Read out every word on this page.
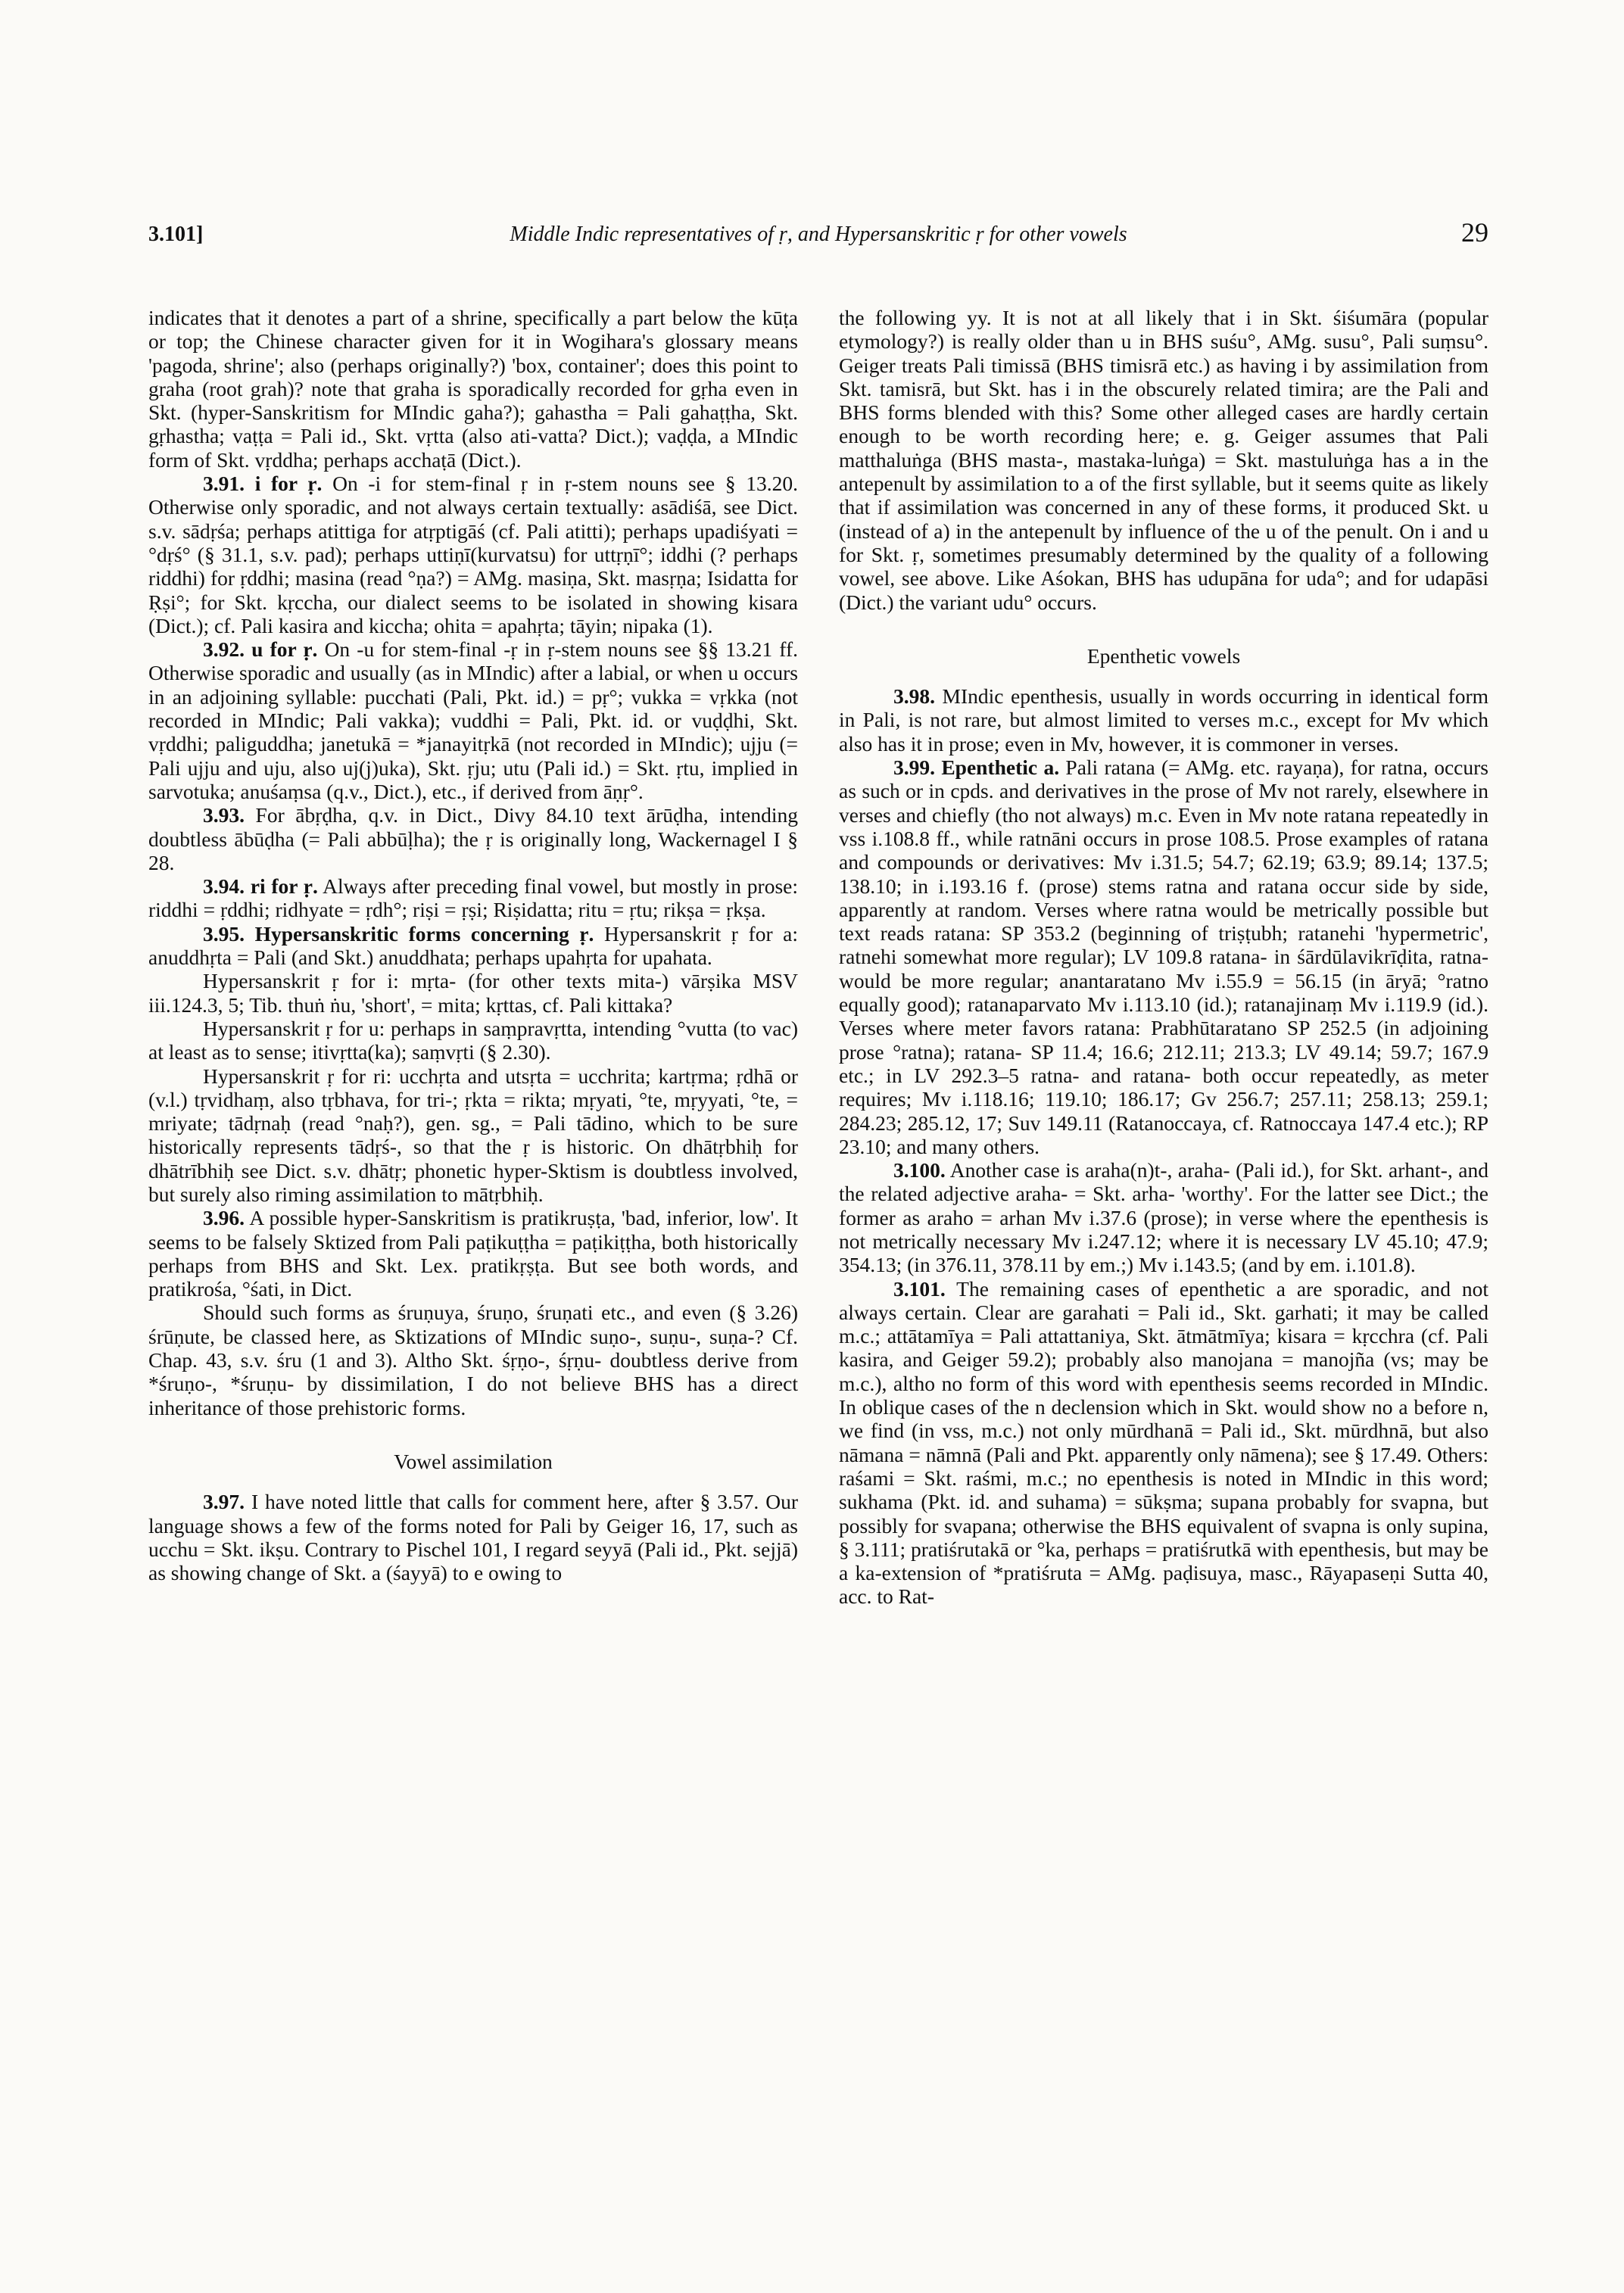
3.101]	Middle Indic representatives of ṛ, and Hypersanskritic ṛ for other vowels	29

indicates that it denotes a part of a shrine, specifically a part below the kūṭa or top; the Chinese character given for it in Wogihara's glossary means 'pagoda, shrine'; also (perhaps originally?) 'box, container'; does this point to graha (root grah)? note that graha is sporadically recorded for gṛha even in Skt. (hyper-Sanskritism for MIndic gaha?); gahastha = Pali gahaṭṭha, Skt. gṛhastha; vaṭṭa = Pali id., Skt. vṛtta (also ati-vatta? Dict.); vaḍḍa, a MIndic form of Skt. vṛddha; perhaps acchaṭā (Dict.).

3.91. i for ṛ. On -i for stem-final ṛ in ṛ-stem nouns see § 13.20. Otherwise only sporadic, and not always certain textually: asādiśā, see Dict. s.v. sādṛśa; perhaps atittiga for atṛptigāś (cf. Pali atitti); perhaps upadiśyati = °dṛś° (§ 31.1, s.v. pad); perhaps uttiṇī(kurvatsu) for uttṛṇī°; iddhi (? perhaps riddhi) for ṛddhi; masina (read °ṇa?) = AMg. masiṇa, Skt. masṛṇa; Isidatta for Ṛṣi°; for Skt. kṛccha, our dialect seems to be isolated in showing kisara (Dict.); cf. Pali kasira and kiccha; ohita = apahṛta; tāyin; nipaka (1).

3.92. u for ṛ. On -u for stem-final -ṛ in ṛ-stem nouns see §§ 13.21 ff. Otherwise sporadic and usually (as in MIndic) after a labial, or when u occurs in an adjoining syllable: pucchati (Pali, Pkt. id.) = pṛ°; vukka = vṛkka (not recorded in MIndic; Pali vakka); vuddhi = Pali, Pkt. id. or vuḍḍhi, Skt. vṛddhi; paliguddha; janetukā = *janayitṛkā (not recorded in MIndic); ujju (= Pali ujju and uju, also uj(j)uka), Skt. ṛju; utu (Pali id.) = Skt. ṛtu, implied in sarvotuka; anuśaṃsa (q.v., Dict.), etc., if derived from āṇṛ°.

3.93. For ābṛḍha, q.v. in Dict., Divy 84.10 text ārūḍha, intending doubtless ābūḍha (= Pali abbūḷha); the ṛ is originally long, Wackernagel I § 28.

3.94. ri for ṛ. Always after preceding final vowel, but mostly in prose: riddhi = ṛddhi; ridhyate = ṛdh°; riṣi = ṛṣi; Riṣidatta; ritu = ṛtu; rikṣa = ṛkṣa.

3.95. Hypersanskritic forms concerning ṛ. Hypersanskrit ṛ for a: anuddhṛta = Pali (and Skt.) anuddhata; perhaps upahṛta for upahata.

Hypersanskrit ṛ for i: mṛta- (for other texts mita-) vārṣika MSV iii.124.3, 5; Tib. thuṅ ṅu, 'short', = mita; kṛttas, cf. Pali kittaka?

Hypersanskrit ṛ for u: perhaps in saṃpravṛtta, intending °vutta (to vac) at least as to sense; itivṛtta(ka); saṃvṛti (§ 2.30).

Hypersanskrit ṛ for ri: ucchṛta and utsṛta = ucchrita; kartṛma; ṛdhā or (v.l.) tṛvidhaṃ, also tṛbhava, for tri-; ṛkta = rikta; mṛyati, °te, mṛyyati, °te, = mriyate; tādṛnaḥ (read °naḥ?), gen. sg., = Pali tādino, which to be sure historically represents tādṛś-, so that the ṛ is historic. On dhātṛbhiḥ for dhātrībhiḥ see Dict. s.v. dhātṛ; phonetic hyper-Sktism is doubtless involved, but surely also riming assimilation to mātṛbhiḥ.

3.96. A possible hyper-Sanskritism is pratikruṣṭa, 'bad, inferior, low'. It seems to be falsely Sktized from Pali paṭikuṭṭha = paṭikiṭṭha, both historically perhaps from BHS and Skt. Lex. pratikṛṣṭa. But see both words, and pratikrośa, °śati, in Dict.

Should such forms as śruṇuya, śruṇo, śruṇati etc., and even (§ 3.26) śrūṇute, be classed here, as Sktizations of MIndic suṇo-, suṇu-, suṇa-? Cf. Chap. 43, s.v. śru (1 and 3). Altho Skt. śṛṇo-, śṛṇu- doubtless derive from *śruṇo-, *śruṇu- by dissimilation, I do not believe BHS has a direct inheritance of those prehistoric forms.

Vowel assimilation

3.97. I have noted little that calls for comment here, after § 3.57. Our language shows a few of the forms noted for Pali by Geiger 16, 17, such as ucchu = Skt. ikṣu. Contrary to Pischel 101, I regard seyyā (Pali id., Pkt. sejjā) as showing change of Skt. a (śayyā) to e owing to

the following yy. It is not at all likely that i in Skt. śiśumāra (popular etymology?) is really older than u in BHS suśu°, AMg. susu°, Pali suṃsu°. Geiger treats Pali timissā (BHS timisrā etc.) as having i by assimilation from Skt. tamisrā, but Skt. has i in the obscurely related timira; are the Pali and BHS forms blended with this? Some other alleged cases are hardly certain enough to be worth recording here; e. g. Geiger assumes that Pali matthaluṅga (BHS masta-, mastaka-luṅga) = Skt. mastuluṅga has a in the antepenult by assimilation to a of the first syllable, but it seems quite as likely that if assimilation was concerned in any of these forms, it produced Skt. u (instead of a) in the antepenult by influence of the u of the penult. On i and u for Skt. ṛ, sometimes presumably determined by the quality of a following vowel, see above. Like Aśokan, BHS has udupāna for uda°; and for udapāsi (Dict.) the variant udu° occurs.

Epenthetic vowels

3.98. MIndic epenthesis, usually in words occurring in identical form in Pali, is not rare, but almost limited to verses m.c., except for Mv which also has it in prose; even in Mv, however, it is commoner in verses.

3.99. Epenthetic a. Pali ratana (= AMg. etc. rayaṇa), for ratna, occurs as such or in cpds. and derivatives in the prose of Mv not rarely, elsewhere in verses and chiefly (tho not always) m.c. Even in Mv note ratana repeatedly in vss i.108.8 ff., while ratnāni occurs in prose 108.5. Prose examples of ratana and compounds or derivatives: Mv i.31.5; 54.7; 62.19; 63.9; 89.14; 137.5; 138.10; in i.193.16 f. (prose) stems ratna and ratana occur side by side, apparently at random. Verses where ratna would be metrically possible but text reads ratana: SP 353.2 (beginning of triṣṭubh; ratanehi 'hypermetric', ratnehi somewhat more regular); LV 109.8 ratana- in śārdūlavikrīḍita, ratna- would be more regular; anantaratano Mv i.55.9 = 56.15 (in āryā; °ratno equally good); ratanaparvato Mv i.113.10 (id.); ratanajinaṃ Mv i.119.9 (id.). Verses where meter favors ratana: Prabhūtaratano SP 252.5 (in adjoining prose °ratna); ratana- SP 11.4; 16.6; 212.11; 213.3; LV 49.14; 59.7; 167.9 etc.; in LV 292.3–5 ratna- and ratana- both occur repeatedly, as meter requires; Mv i.118.16; 119.10; 186.17; Gv 256.7; 257.11; 258.13; 259.1; 284.23; 285.12, 17; Suv 149.11 (Ratanoccaya, cf. Ratnoccaya 147.4 etc.); RP 23.10; and many others.

3.100. Another case is araha(n)t-, araha- (Pali id.), for Skt. arhant-, and the related adjective araha- = Skt. arha- 'worthy'. For the latter see Dict.; the former as araho = arhan Mv i.37.6 (prose); in verse where the epenthesis is not metrically necessary Mv i.247.12; where it is necessary LV 45.10; 47.9; 354.13; (in 376.11, 378.11 by em.;) Mv i.143.5; (and by em. i.101.8).

3.101. The remaining cases of epenthetic a are sporadic, and not always certain. Clear are garahati = Pali id., Skt. garhati; it may be called m.c.; attātamīya = Pali attattaniya, Skt. ātmātmīya; kisara = kṛcchra (cf. Pali kasira, and Geiger 59.2); probably also manojana = manojña (vs; may be m.c.), altho no form of this word with epenthesis seems recorded in MIndic. In oblique cases of the n declension which in Skt. would show no a before n, we find (in vss, m.c.) not only mūrdhanā = Pali id., Skt. mūrdhnā, but also nāmana = nāmnā (Pali and Pkt. apparently only nāmena); see § 17.49. Others: raśami = Skt. raśmi, m.c.; no epenthesis is noted in MIndic in this word; sukhama (Pkt. id. and suhama) = sūkṣma; supana probably for svapna, but possibly for svapana; otherwise the BHS equivalent of svapna is only supina, § 3.111; pratiśrutakā or °ka, perhaps = pratiśrutkā with epenthesis, but may be a ka-extension of *pratiśruta = AMg. paḍisuya, masc., Rāyapaseṇi Sutta 40, acc. to Rat-
